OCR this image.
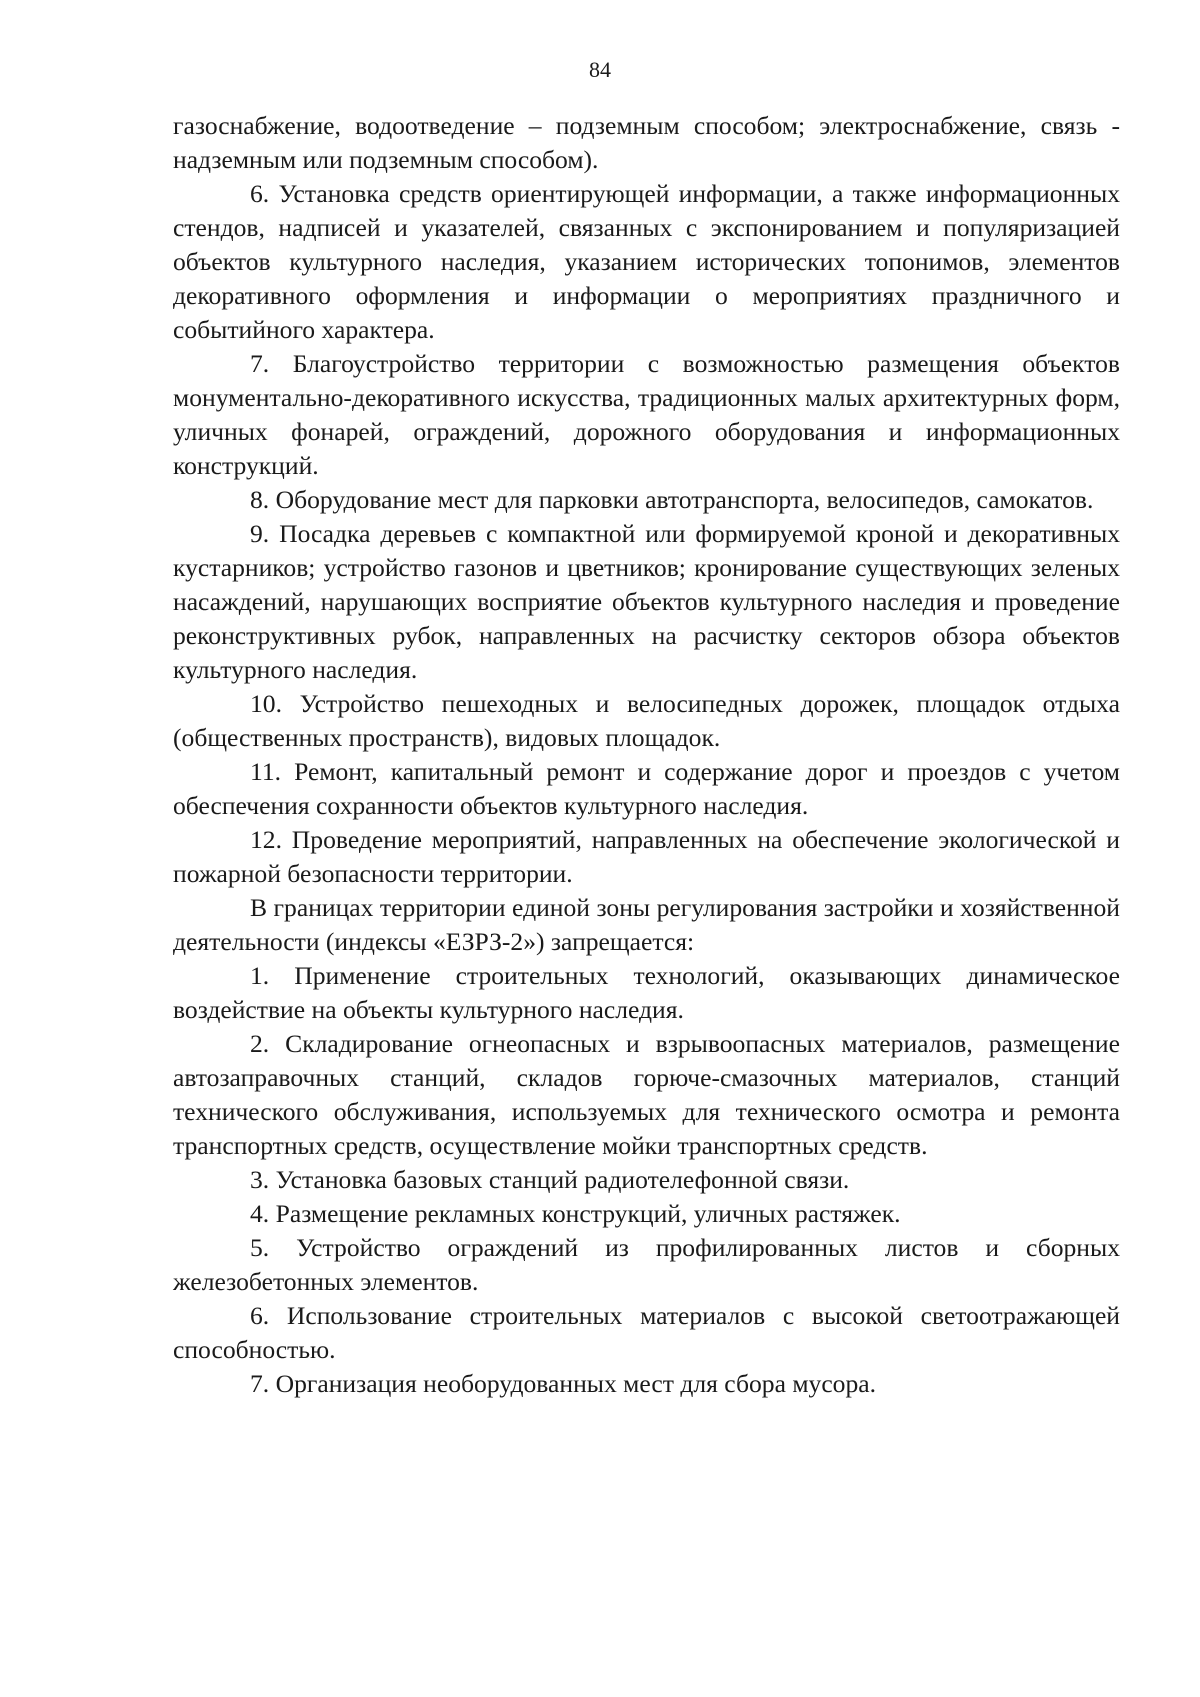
84

газоснабжение, водоотведение – подземным способом; электроснабжение, связь - надземным или подземным способом).

6. Установка средств ориентирующей информации, а также информационных стендов, надписей и указателей, связанных с экспонированием и популяризацией объектов культурного наследия, указанием исторических топонимов, элементов декоративного оформления и информации о мероприятиях праздничного и событийного характера.

7. Благоустройство территории с возможностью размещения объектов монументально-декоративного искусства, традиционных малых архитектурных форм, уличных фонарей, ограждений, дорожного оборудования и информационных конструкций.

8. Оборудование мест для парковки автотранспорта, велосипедов, самокатов.

9. Посадка деревьев с компактной или формируемой кроной и декоративных кустарников; устройство газонов и цветников; кронирование существующих зеленых насаждений, нарушающих восприятие объектов культурного наследия и проведение реконструктивных рубок, направленных на расчистку секторов обзора объектов культурного наследия.

10. Устройство пешеходных и велосипедных дорожек, площадок отдыха (общественных пространств), видовых площадок.

11. Ремонт, капитальный ремонт и содержание дорог и проездов с учетом обеспечения сохранности объектов культурного наследия.

12. Проведение мероприятий, направленных на обеспечение экологической и пожарной безопасности территории.

В границах территории единой зоны регулирования застройки и хозяйственной деятельности (индексы «ЕЗРЗ-2») запрещается:

1. Применение строительных технологий, оказывающих динамическое воздействие на объекты культурного наследия.

2. Складирование огнеопасных и взрывоопасных материалов, размещение автозаправочных станций, складов горюче-смазочных материалов, станций технического обслуживания, используемых для технического осмотра и ремонта транспортных средств, осуществление мойки транспортных средств.

3. Установка базовых станций радиотелефонной связи.

4. Размещение рекламных конструкций, уличных растяжек.

5. Устройство ограждений из профилированных листов и сборных железобетонных элементов.

6. Использование строительных материалов с высокой светоотражающей способностью.

7. Организация необорудованных мест для сбора мусора.
